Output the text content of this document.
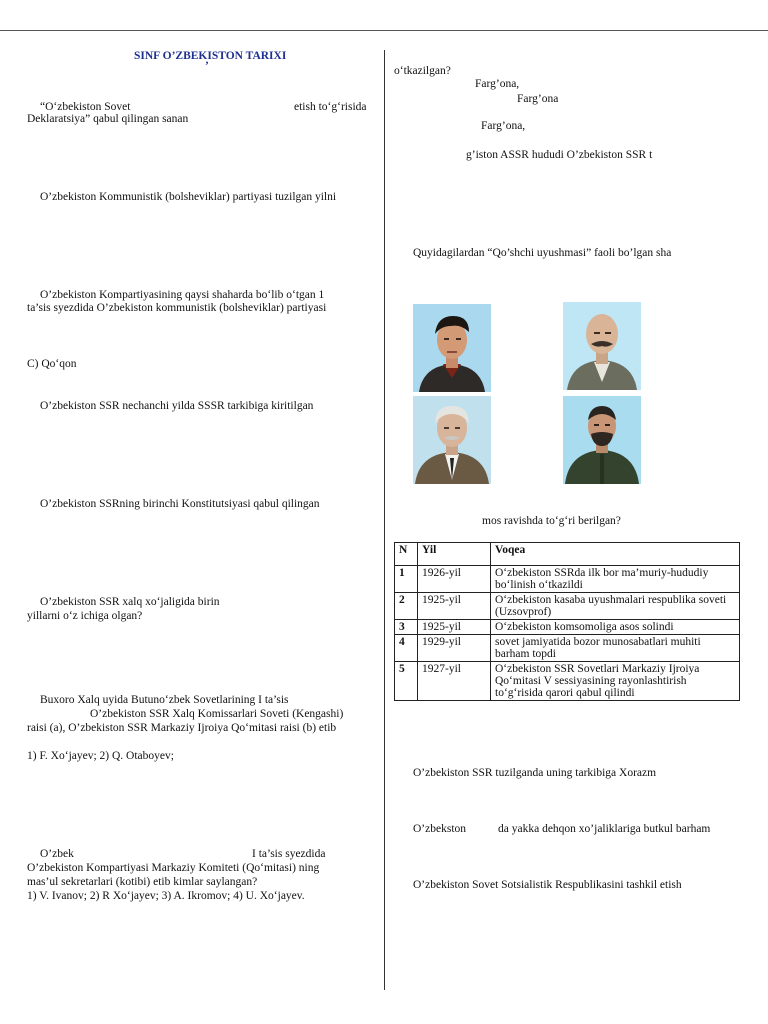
SINF O’ZBEKISTON TARIXI
’
“O‘zbekiston Sovet	etish to‘g‘risida
Deklaratsiya” qabul qilingan sanan
O’zbekiston Kommunistik (bolsheviklar) partiyasi tuzilgan yilni
O’zbekiston Kompartiyasining qaysi shaharda bo‘lib o‘tgan 1
ta’sis syezdida O’zbekiston kommunistik (bolsheviklar) partiyasi
C) Qo‘qon
O’zbekiston SSR nechanchi yilda SSSR tarkibiga kiritilgan
O’zbekiston SSRning birinchi Konstitutsiyasi qabul qilingan
O’zbekiston SSR xalq xo‘jaligida birin
yillarni o‘z ichiga olgan?
Buxoro Xalq uyida Butuno‘zbek Sovetlarining I ta’sis
O’zbekiston SSR Xalq Komissarlari Soveti (Kengashi)
raisi (a), O’zbekiston SSR Markaziy Ijroiya Qo‘mitasi raisi (b) etib
1) F. Xo‘jayev; 2) Q. Otaboyev;
O’zbek	I ta’sis syezdida
O’zbekiston Kompartiyasi Markaziy Komiteti (Qo‘mitasi) ning
mas’ul sekretarlari (kotibi) etib kimlar saylangan?
1) V. Ivanov; 2) R Xo‘jayev; 3) A. Ikromov; 4) U. Xo‘jayev.
o‘tkazilgan?
Farg’ona,
Farg’ona
Farg’ona,
g’iston ASSR hududi O’zbekiston SSR t
Quyidagilardan “Qo’shchi uyushmasi” faoli bo’lgan sha
mos ravishda to‘g‘ri berilgan?
N	Yil	Voqea
1	1926-yil	O‘zbekiston SSRda ilk bor ma’muriy-hududiy bo‘linish o‘tkazildi
2	1925-yil	O‘zbekiston kasaba uyushmalari respublika soveti (Uzsovprof)
3	1925-yil	O‘zbekiston komsomoliga asos solindi
4	1929-yil	sovet jamiyatida bozor munosabatlari muhiti barham topdi
5	1927-yil	O‘zbekiston SSR Sovetlari Markaziy Ijroiya Qo‘mitasi V sessiyasining rayonlashtirish to‘g‘risida qarori qabul qilindi
O’zbekiston SSR tuzilganda uning tarkibiga Xorazm
O’zbekston	da yakka dehqon xo’jaliklariga butkul barham
O’zbekiston Sovet Sotsialistik Respublikasini tashkil etish
